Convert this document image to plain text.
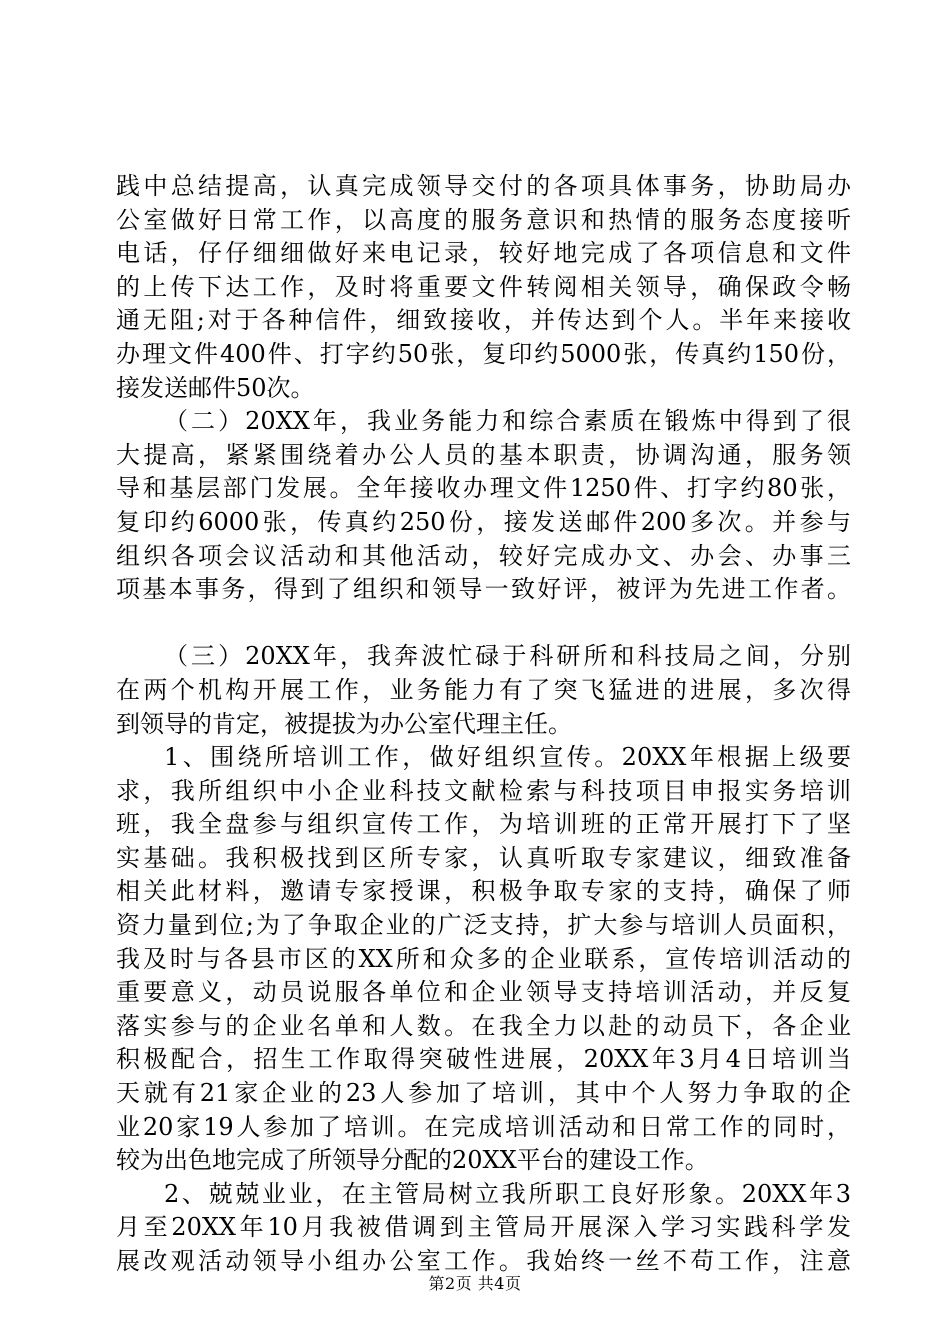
践中总结提高，认真完成领导交付的各项具体事务，协助局办
公室做好日常工作，以高度的服务意识和热情的服务态度接听
电话，仔仔细细做好来电记录，较好地完成了各项信息和文件
的上传下达工作，及时将重要文件转阅相关领导，确保政令畅
通无阻;对于各种信件，细致接收，并传达到个人。半年来接收
办理文件400件、打字约50张，复印约5000张，传真约150份，
接发送邮件50次。
（二）20XX年，我业务能力和综合素质在锻炼中得到了很
大提高，紧紧围绕着办公人员的基本职责，协调沟通，服务领
导和基层部门发展。全年接收办理文件1250件、打字约80张，
复印约6000张，传真约250份，接发送邮件200多次。并参与
组织各项会议活动和其他活动，较好完成办文、办会、办事三
项基本事务，得到了组织和领导一致好评，被评为先进工作者。
（三）20XX年，我奔波忙碌于科研所和科技局之间，分别
在两个机构开展工作，业务能力有了突飞猛进的进展，多次得
到领导的肯定，被提拔为办公室代理主任。
1、围绕所培训工作，做好组织宣传。20XX年根据上级要
求，我所组织中小企业科技文献检索与科技项目申报实务培训
班，我全盘参与组织宣传工作，为培训班的正常开展打下了坚
实基础。我积极找到区所专家，认真听取专家建议，细致准备
相关此材料，邀请专家授课，积极争取专家的支持，确保了师
资力量到位;为了争取企业的广泛支持，扩大参与培训人员面积，
我及时与各县市区的XX所和众多的企业联系，宣传培训活动的
重要意义，动员说服各单位和企业领导支持培训活动，并反复
落实参与的企业名单和人数。在我全力以赴的动员下，各企业
积极配合，招生工作取得突破性进展，20XX年3月4日培训当
天就有21家企业的23人参加了培训，其中个人努力争取的企
业20家19人参加了培训。在完成培训活动和日常工作的同时，
较为出色地完成了所领导分配的20XX平台的建设工作。
2、兢兢业业，在主管局树立我所职工良好形象。20XX年3
月至20XX年10月我被借调到主管局开展深入学习实践科学发
展改观活动领导小组办公室工作。我始终一丝不苟工作，注意
第2页 共4页
